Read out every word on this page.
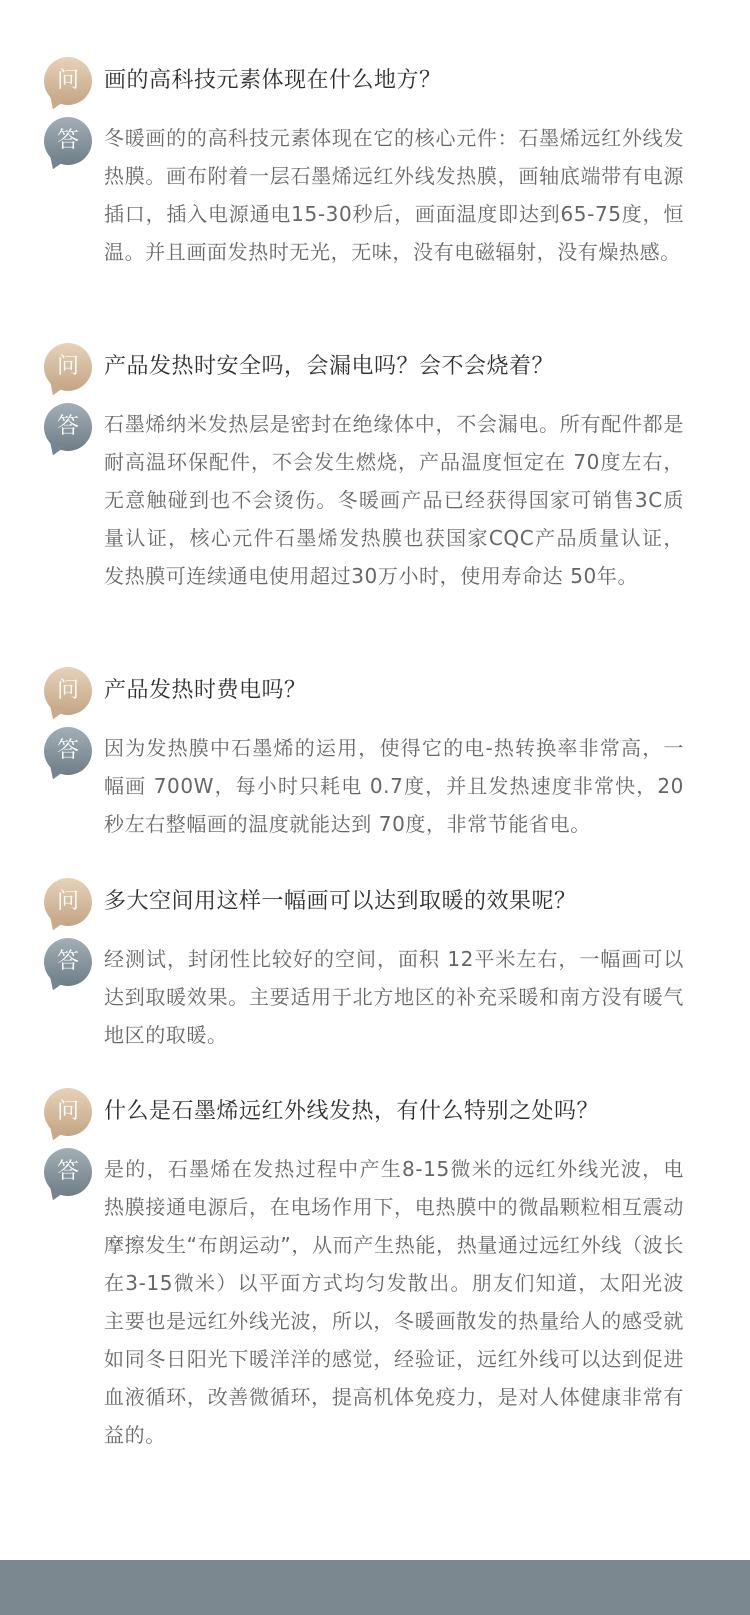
问	画的高科技元素体现在什么地方？
答	冬暖画的的高科技元素体现在它的核心元件：石墨烯远红外线发热膜。画布附着一层石墨烯远红外线发热膜，画轴底端带有电源插口，插入电源通电15-30秒后，画面温度即达到65-75度，恒温。并且画面发热时无光，无味，没有电磁辐射，没有燥热感。
问	产品发热时安全吗，会漏电吗？会不会烧着？
答	石墨烯纳米发热层是密封在绝缘体中，不会漏电。所有配件都是耐高温环保配件，不会发生燃烧，产品温度恒定在 70度左右，无意触碰到也不会烫伤。冬暖画产品已经获得国家可销售3C质量认证，核心元件石墨烯发热膜也获国家CQC产品质量认证，发热膜可连续通电使用超过30万小时，使用寿命达 50年。
问	产品发热时费电吗？
答	因为发热膜中石墨烯的运用，使得它的电-热转换率非常高，一幅画 700W，每小时只耗电 0.7度，并且发热速度非常快，20秒左右整幅画的温度就能达到 70度，非常节能省电。
问	多大空间用这样一幅画可以达到取暖的效果呢？
答	经测试，封闭性比较好的空间，面积 12平米左右，一幅画可以达到取暖效果。主要适用于北方地区的补充采暖和南方没有暖气地区的取暖。
问	什么是石墨烯远红外线发热，有什么特别之处吗？
答	是的，石墨烯在发热过程中产生8-15微米的远红外线光波，电热膜接通电源后，在电场作用下，电热膜中的微晶颗粒相互震动摩擦发生“布朗运动”，从而产生热能，热量通过远红外线（波长在3-15微米）以平面方式均匀发散出。朋友们知道，太阳光波主要也是远红外线光波，所以，冬暖画散发的热量给人的感受就如同冬日阳光下暖洋洋的感觉，经验证，远红外线可以达到促进血液循环，改善微循环，提高机体免疫力，是对人体健康非常有益的。
